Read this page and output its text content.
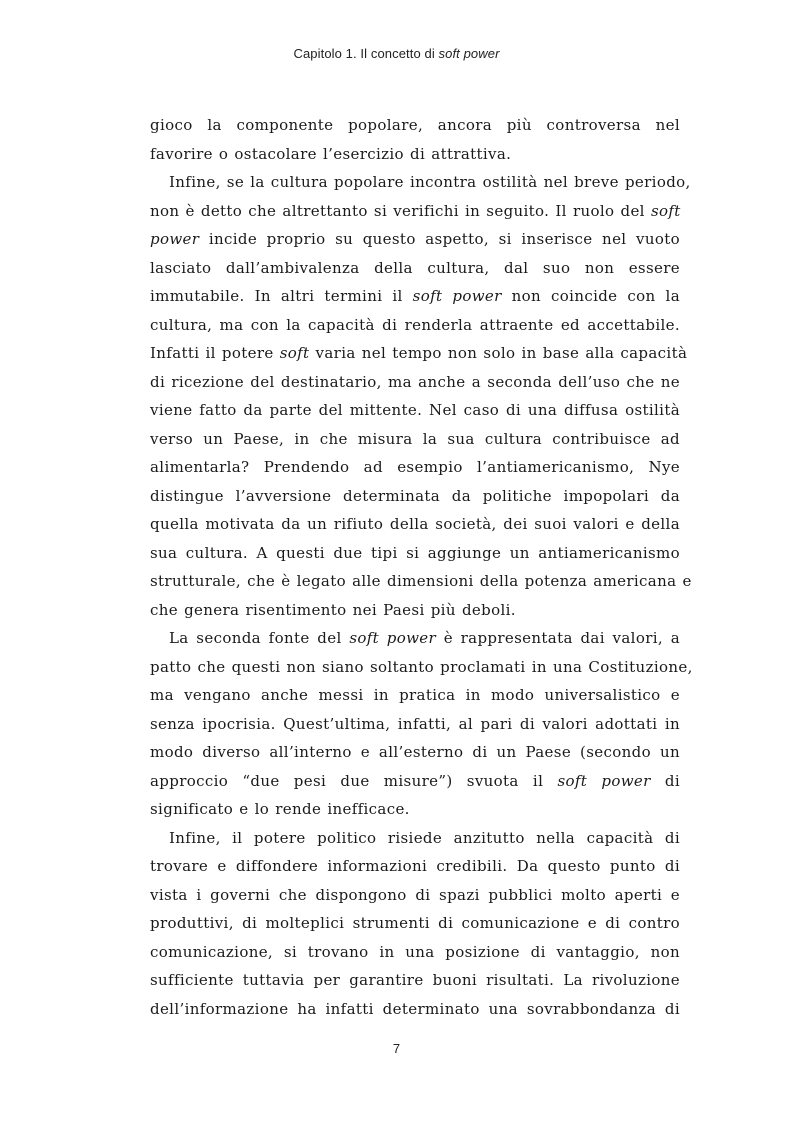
Capitolo 1. Il concetto di soft power
gioco la componente popolare, ancora più controversa nel
favorire o ostacolare l’esercizio di attrattiva.
Infine, se la cultura popolare incontra ostilità nel breve periodo,
non è detto che altrettanto si verifichi in seguito. Il ruolo del soft
power incide proprio su questo aspetto, si inserisce nel vuoto
lasciato dall’ambivalenza della cultura, dal suo non essere
immutabile. In altri termini il soft power non coincide con la
cultura, ma con la capacità di renderla attraente ed accettabile.
Infatti il potere soft varia nel tempo non solo in base alla capacità
di ricezione del destinatario, ma anche a seconda dell’uso che ne
viene fatto da parte del mittente. Nel caso di una diffusa ostilità
verso un Paese, in che misura la sua cultura contribuisce ad
alimentarla? Prendendo ad esempio l’antiamericanismo, Nye
distingue l’avversione determinata da politiche impopolari da
quella motivata da un rifiuto della società, dei suoi valori e della
sua cultura. A questi due tipi si aggiunge un antiamericanismo
strutturale, che è legato alle dimensioni della potenza americana e
che genera risentimento nei Paesi più deboli.
La seconda fonte del soft power è rappresentata dai valori, a
patto che questi non siano soltanto proclamati in una Costituzione,
ma vengano anche messi in pratica in modo universalistico e
senza ipocrisia. Quest’ultima, infatti, al pari di valori adottati in
modo diverso all’interno e all’esterno di un Paese (secondo un
approccio “due pesi due misure”) svuota il soft power di
significato e lo rende inefficace.
Infine, il potere politico risiede anzitutto nella capacità di
trovare e diffondere informazioni credibili. Da questo punto di
vista i governi che dispongono di spazi pubblici molto aperti e
produttivi, di molteplici strumenti di comunicazione e di contro
comunicazione, si trovano in una posizione di vantaggio, non
sufficiente tuttavia per garantire buoni risultati. La rivoluzione
dell’informazione ha infatti determinato una sovrabbondanza di
7
